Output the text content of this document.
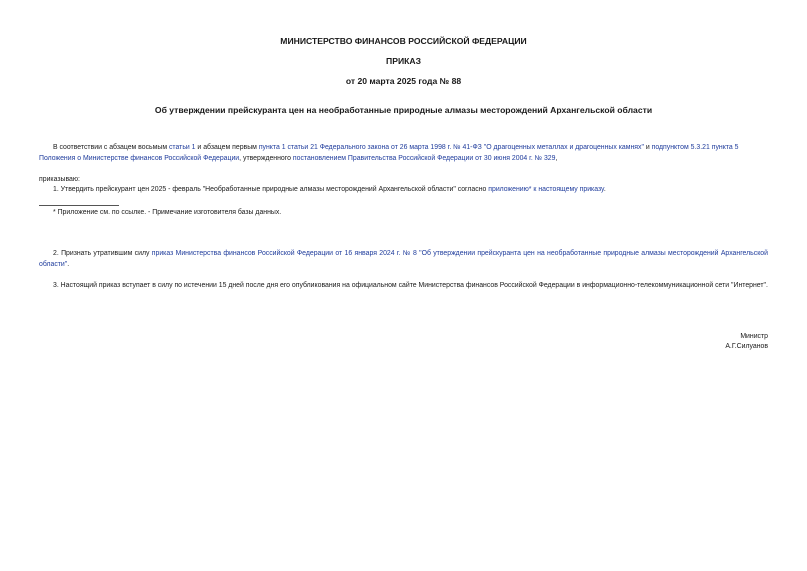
МИНИСТЕРСТВО ФИНАНСОВ РОССИЙСКОЙ ФЕДЕРАЦИИ
ПРИКАЗ
от 20 марта 2025 года № 88
Об утверждении прейскуранта цен на необработанные природные алмазы месторождений Архангельской области
В соответствии с абзацем восьмым статьи 1 и абзацем первым пункта 1 статьи 21 Федерального закона от 26 марта 1998 г. № 41-ФЗ "О драгоценных металлах и драгоценных камнях" и подпунктом 5.3.21 пункта 5 Положения о Министерстве финансов Российской Федерации, утвержденного постановлением Правительства Российской Федерации от 30 июня 2004 г. № 329,
приказываю:
1. Утвердить прейскурант цен 2025 - февраль "Необработанные природные алмазы месторождений Архангельской области" согласно приложению* к настоящему приказу.
* Приложение см. по ссылке. - Примечание изготовителя базы данных.
2. Признать утратившим силу приказ Министерства финансов Российской Федерации от 16 января 2024 г. № 8 "Об утверждении прейскуранта цен на необработанные природные алмазы месторождений Архангельской области".
3. Настоящий приказ вступает в силу по истечении 15 дней после дня его опубликования на официальном сайте Министерства финансов Российской Федерации в информационно-телекоммуникационной сети "Интернет".
Министр
А.Г.Силуанов
